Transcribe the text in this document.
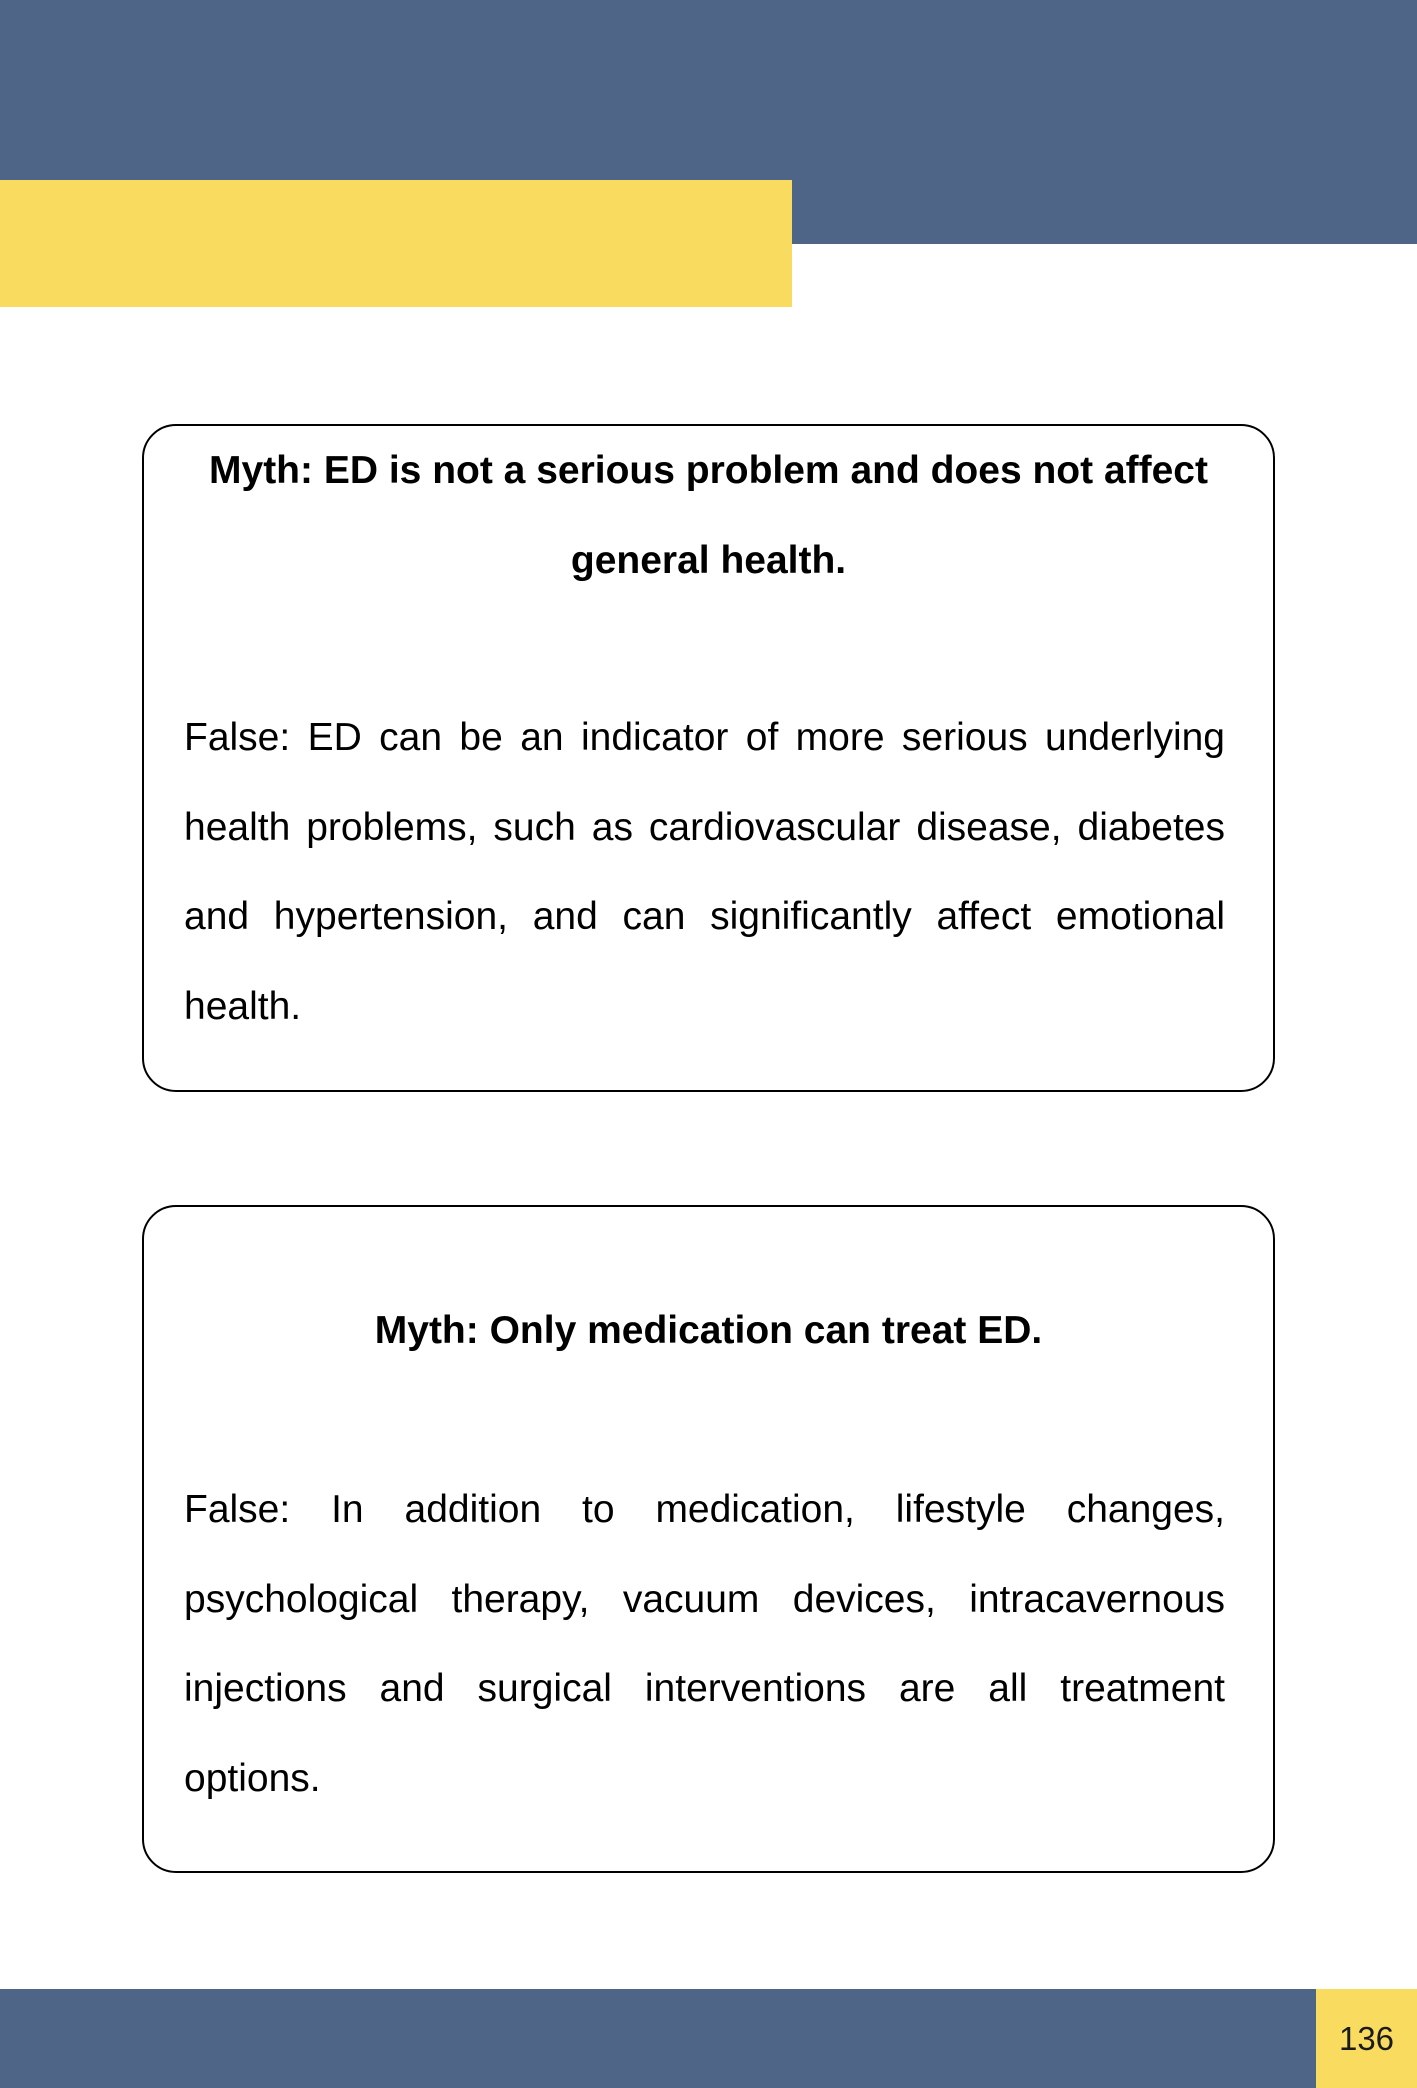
Myth: ED is not a serious problem and does not affect general health.

False: ED can be an indicator of more serious underlying health problems, such as cardiovascular disease, diabetes and hypertension, and can significantly affect emotional health.

Myth: Only medication can treat ED.

False: In addition to medication, lifestyle changes, psychological therapy, vacuum devices, intracavernous injections and surgical interventions are all treatment options.

136
